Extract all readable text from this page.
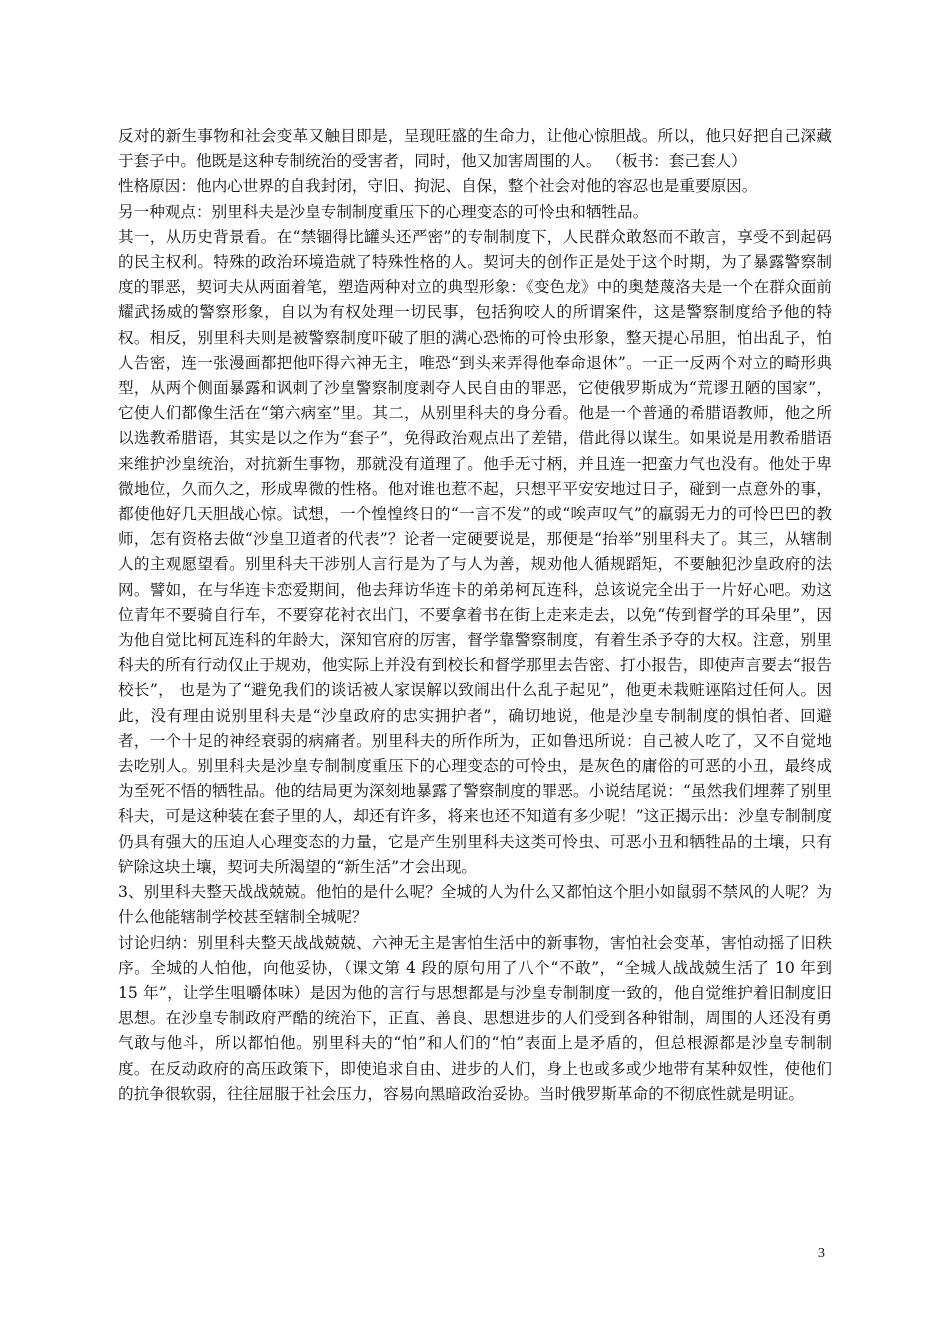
反对的新生事物和社会变革又触目即是，呈现旺盛的生命力，让他心惊胆战。所以，他只好把自己深藏于套子中。他既是这种专制统治的受害者，同时，他又加害周围的人。 （板书：套己套人）

性格原因：他内心世界的自我封闭，守旧、拘泥、自保，整个社会对他的容忍也是重要原因。

另一种观点：别里科夫是沙皇专制制度重压下的心理变态的可怜虫和牺牲品。

其一，从历史背景看。在“禁锢得比罐头还严密”的专制制度下，人民群众敢怒而不敢言，享受不到起码的民主权利。特殊的政治环境造就了特殊性格的人。契诃夫的创作正是处于这个时期，为了暴露警察制度的罪恶，契诃夫从两面着笔，塑造两种对立的典型形象：《变色龙》中的奥楚蔑洛夫是一个在群众面前耀武扬威的警察形象，自以为有权处理一切民事，包括狗咬人的所谓案件，这是警察制度给予他的特权。相反，别里科夫则是被警察制度吓破了胆的满心恐怖的可怜虫形象，整天提心吊胆，怕出乱子，怕人告密，连一张漫画都把他吓得六神无主，唯恐“到头来弄得他奉命退休”。一正一反两个对立的畸形典型，从两个侧面暴露和讽刺了沙皇警察制度剥夺人民自由的罪恶，它使俄罗斯成为“荒谬丑陋的国家”，它使人们都像生活在“第六病室”里。其二，从别里科夫的身分看。他是一个普通的希腊语教师，他之所以选教希腊语，其实是以之作为“套子”，免得政治观点出了差错，借此得以谋生。如果说是用教希腊语来维护沙皇统治，对抗新生事物，那就没有道理了。他手无寸柄，并且连一把蛮力气也没有。他处于卑微地位，久而久之，形成卑微的性格。他对谁也惹不起，只想平平安安地过日子，碰到一点意外的事，都使他好几天胆战心惊。试想，一个惶惶终日的“一言不发”的或“唉声叹气”的羸弱无力的可怜巴巴的教师，怎有资格去做“沙皇卫道者的代表”？论者一定硬要说是，那便是“抬举”别里科夫了。其三，从辖制人的主观愿望看。别里科夫干涉别人言行是为了与人为善，规劝他人循规蹈矩，不要触犯沙皇政府的法网。譬如，在与华连卡恋爱期间，他去拜访华连卡的弟弟柯瓦连科，总该说完全出于一片好心吧。劝这位青年不要骑自行车，不要穿花衬衣出门，不要拿着书在街上走来走去，以免“传到督学的耳朵里”，因为他自觉比柯瓦连科的年龄大，深知官府的厉害，督学靠警察制度，有着生杀予夺的大权。注意，别里科夫的所有行动仅止于规劝，他实际上并没有到校长和督学那里去告密、打小报告，即使声言要去“报告校长”， 也是为了“避免我们的谈话被人家误解以致闹出什么乱子起见”，他更未栽赃诬陷过任何人。因此，没有理由说别里科夫是“沙皇政府的忠实拥护者”，确切地说，他是沙皇专制制度的惧怕者、回避者，一个十足的神经衰弱的病痛者。别里科夫的所作所为，正如鲁迅所说：自己被人吃了，又不自觉地去吃别人。别里科夫是沙皇专制制度重压下的心理变态的可怜虫，是灰色的庸俗的可恶的小丑，最终成为至死不悟的牺牲品。他的结局更为深刻地暴露了警察制度的罪恶。小说结尾说：“虽然我们埋葬了别里科夫，可是这种装在套子里的人，却还有许多，将来也还不知道有多少呢！”这正揭示出：沙皇专制制度仍具有强大的压迫人心理变态的力量，它是产生别里科夫这类可怜虫、可恶小丑和牺牲品的土壤，只有铲除这块土壤，契诃夫所渴望的“新生活”才会出现。

3、别里科夫整天战战兢兢。他怕的是什么呢？全城的人为什么又都怕这个胆小如鼠弱不禁风的人呢？为什么他能辖制学校甚至辖制全城呢？

讨论归纳：别里科夫整天战战兢兢、六神无主是害怕生活中的新事物，害怕社会变革，害怕动摇了旧秩序。全城的人怕他，向他妥协，（课文第 4 段的原句用了八个“不敢”，“全城人战战兢生活了 10 年到 15 年”，让学生咀嚼体味）是因为他的言行与思想都是与沙皇专制制度一致的，他自觉维护着旧制度旧思想。在沙皇专制政府严酷的统治下，正直、善良、思想进步的人们受到各种钳制，周围的人还没有勇气敢与他斗，所以都怕他。别里科夫的“怕”和人们的“怕”表面上是矛盾的，但总根源都是沙皇专制制度。在反动政府的高压政策下，即使追求自由、进步的人们，身上也或多或少地带有某种奴性，使他们的抗争很软弱，往往屈服于社会压力，容易向黑暗政治妥协。当时俄罗斯革命的不彻底性就是明证。

3
